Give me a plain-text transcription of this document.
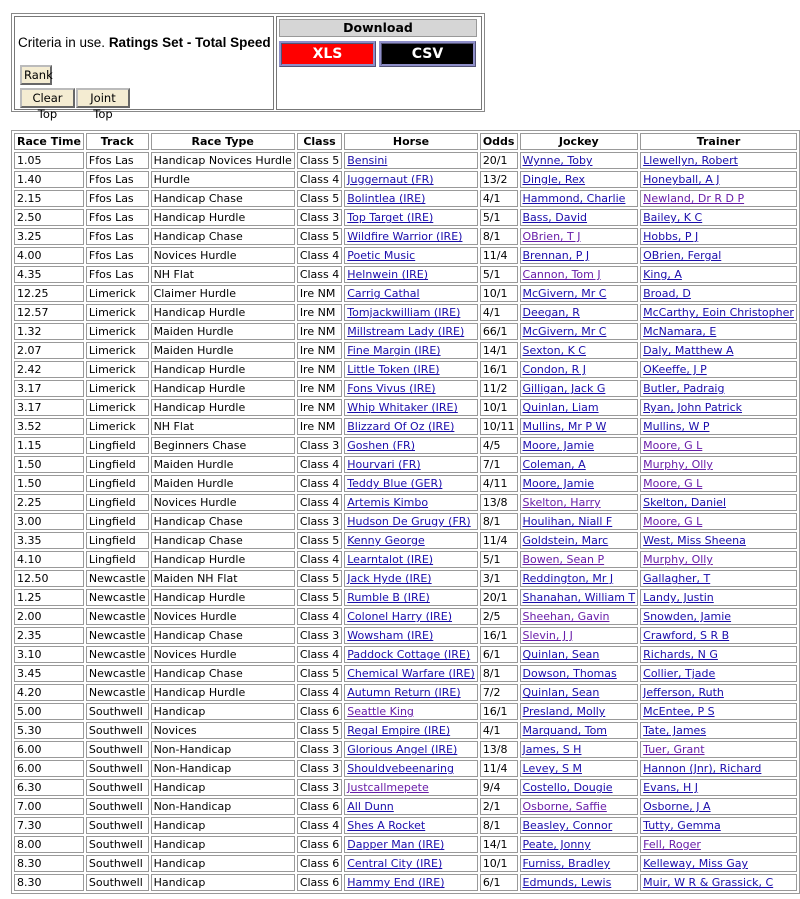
Criteria in use. Ratings Set - Total Speed
Rank
Clear Top
Joint Top
Download
XLS	CSV
Race Time	Track	Race Type	Class	Horse	Odds	Jockey	Trainer
1.05	Ffos Las	Handicap Novices Hurdle	Class 5	Bensini	20/1	Wynne, Toby	Llewellyn, Robert
1.40	Ffos Las	Hurdle	Class 4	Juggernaut (FR)	13/2	Dingle, Rex	Honeyball, A J
2.15	Ffos Las	Handicap Chase	Class 5	Bolintlea (IRE)	4/1	Hammond, Charlie	Newland, Dr R D P
2.50	Ffos Las	Handicap Hurdle	Class 3	Top Target (IRE)	5/1	Bass, David	Bailey, K C
3.25	Ffos Las	Handicap Chase	Class 5	Wildfire Warrior (IRE)	8/1	OBrien, T J	Hobbs, P J
4.00	Ffos Las	Novices Hurdle	Class 4	Poetic Music	11/4	Brennan, P J	OBrien, Fergal
4.35	Ffos Las	NH Flat	Class 4	Helnwein (IRE)	5/1	Cannon, Tom J	King, A
12.25	Limerick	Claimer Hurdle	Ire NM	Carrig Cathal	10/1	McGivern, Mr C	Broad, D
12.57	Limerick	Handicap Hurdle	Ire NM	Tomjackwilliam (IRE)	4/1	Deegan, R	McCarthy, Eoin Christopher
1.32	Limerick	Maiden Hurdle	Ire NM	Millstream Lady (IRE)	66/1	McGivern, Mr C	McNamara, E
2.07	Limerick	Maiden Hurdle	Ire NM	Fine Margin (IRE)	14/1	Sexton, K C	Daly, Matthew A
2.42	Limerick	Handicap Hurdle	Ire NM	Little Token (IRE)	16/1	Condon, R J	OKeeffe, J P
3.17	Limerick	Handicap Hurdle	Ire NM	Fons Vivus (IRE)	11/2	Gilligan, Jack G	Butler, Padraig
3.17	Limerick	Handicap Hurdle	Ire NM	Whip Whitaker (IRE)	10/1	Quinlan, Liam	Ryan, John Patrick
3.52	Limerick	NH Flat	Ire NM	Blizzard Of Oz (IRE)	10/11	Mullins, Mr P W	Mullins, W P
1.15	Lingfield	Beginners Chase	Class 3	Goshen (FR)	4/5	Moore, Jamie	Moore, G L
1.50	Lingfield	Maiden Hurdle	Class 4	Hourvari (FR)	7/1	Coleman, A	Murphy, Olly
1.50	Lingfield	Maiden Hurdle	Class 4	Teddy Blue (GER)	4/11	Moore, Jamie	Moore, G L
2.25	Lingfield	Novices Hurdle	Class 4	Artemis Kimbo	13/8	Skelton, Harry	Skelton, Daniel
3.00	Lingfield	Handicap Chase	Class 3	Hudson De Grugy (FR)	8/1	Houlihan, Niall F	Moore, G L
3.35	Lingfield	Handicap Chase	Class 5	Kenny George	11/4	Goldstein, Marc	West, Miss Sheena
4.10	Lingfield	Handicap Hurdle	Class 4	Learntalot (IRE)	5/1	Bowen, Sean P	Murphy, Olly
12.50	Newcastle	Maiden NH Flat	Class 5	Jack Hyde (IRE)	3/1	Reddington, Mr J	Gallagher, T
1.25	Newcastle	Handicap Hurdle	Class 5	Rumble B (IRE)	20/1	Shanahan, William T	Landy, Justin
2.00	Newcastle	Novices Hurdle	Class 4	Colonel Harry (IRE)	2/5	Sheehan, Gavin	Snowden, Jamie
2.35	Newcastle	Handicap Chase	Class 3	Wowsham (IRE)	16/1	Slevin, J J	Crawford, S R B
3.10	Newcastle	Novices Hurdle	Class 4	Paddock Cottage (IRE)	6/1	Quinlan, Sean	Richards, N G
3.45	Newcastle	Handicap Chase	Class 5	Chemical Warfare (IRE)	8/1	Dowson, Thomas	Collier, Tjade
4.20	Newcastle	Handicap Hurdle	Class 4	Autumn Return (IRE)	7/2	Quinlan, Sean	Jefferson, Ruth
5.00	Southwell	Handicap	Class 6	Seattle King	16/1	Presland, Molly	McEntee, P S
5.30	Southwell	Novices	Class 5	Regal Empire (IRE)	4/1	Marquand, Tom	Tate, James
6.00	Southwell	Non-Handicap	Class 3	Glorious Angel (IRE)	13/8	James, S H	Tuer, Grant
6.00	Southwell	Non-Handicap	Class 3	Shouldvebeenaring	11/4	Levey, S M	Hannon (Jnr), Richard
6.30	Southwell	Handicap	Class 3	Justcallmepete	9/4	Costello, Dougie	Evans, H J
7.00	Southwell	Non-Handicap	Class 6	All Dunn	2/1	Osborne, Saffie	Osborne, J A
7.30	Southwell	Handicap	Class 4	Shes A Rocket	8/1	Beasley, Connor	Tutty, Gemma
8.00	Southwell	Handicap	Class 6	Dapper Man (IRE)	14/1	Peate, Jonny	Fell, Roger
8.30	Southwell	Handicap	Class 6	Central City (IRE)	10/1	Furniss, Bradley	Kelleway, Miss Gay
8.30	Southwell	Handicap	Class 6	Hammy End (IRE)	6/1	Edmunds, Lewis	Muir, W R & Grassick, C
